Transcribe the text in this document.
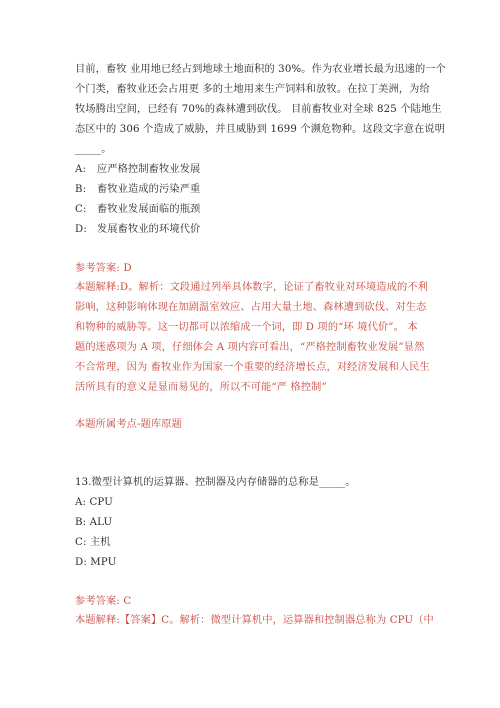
目前，畜牧 业用地已经占到地球土地面积的 30%。作为农业增长最为迅速的一个
个门类，畜牧业还会占用更 多的土地用来生产饲料和放牧。在拉丁美洲，为给
牧场腾出空间，已经有 70%的森林遭到砍伐。 目前畜牧业对全球 825 个陆地生
态区中的 306 个造成了威胁，并且威胁到 1699 个濒危物种。这段文字意在说明
_____。
A: 应严格控制畜牧业发展
B: 畜牧业造成的污染严重
C: 畜牧业发展面临的瓶颈
D: 发展畜牧业的环境代价
参考答案: D
本题解释:D。解析：文段通过列举具体数字，论证了畜牧业对环境造成的不利
影响，这种影响体现在加剧温室效应、占用大量土地、森林遭到砍伐、对生态
和物种的威胁等。这一切都可以浓缩成一个词，即 D 项的“环 境代价”。 本
题的迷惑项为 A 项，仔细体会 A 项内容可看出，“严格控制畜牧业发展”显然
不合常理，因为 畜牧业作为国家一个重要的经济增长点，对经济发展和人民生
活所具有的意义是显而易见的，所以不可能“严 格控制”
本题所属考点-题库原题
13.微型计算机的运算器、控制器及内存储器的总称是_____。
A: CPU
B: ALU
C: 主机
D: MPU
参考答案: C
本题解释:【答案】C。解析：微型计算机中，运算器和控制器总称为 CPU（中
